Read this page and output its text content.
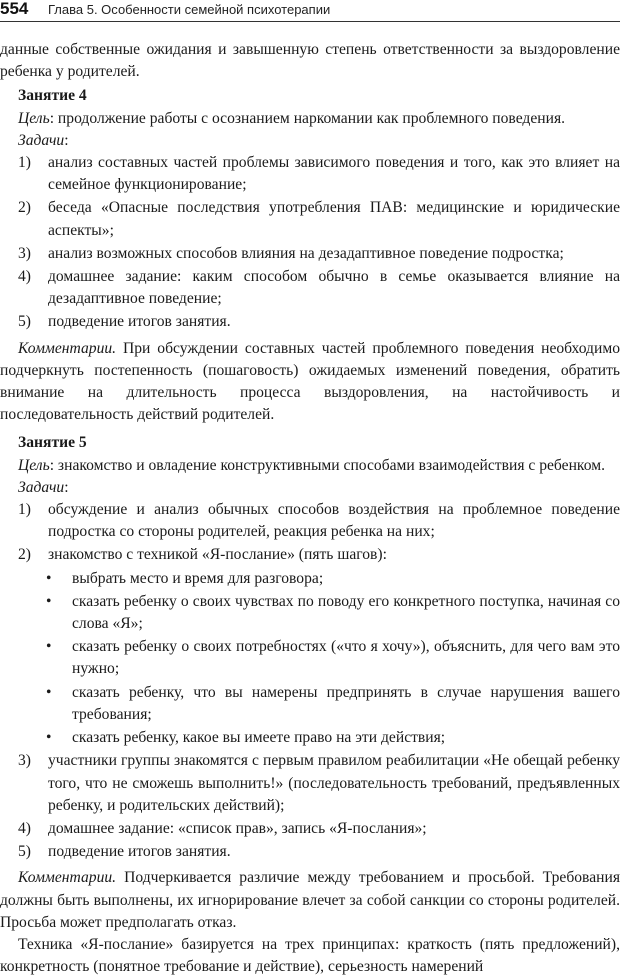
554 Глава 5. Особенности семейной психотерапии

данные собственные ожидания и завышенную степень ответственности за выздоровление ребенка у родителей.

Занятие 4

Цель: продолжение работы с осознанием наркомании как проблемного поведения.

Задачи:

1) анализ составных частей проблемы зависимого поведения и того, как это влияет на семейное функционирование;

2) беседа «Опасные последствия употребления ПАВ: медицинские и юридические аспекты»;

3) анализ возможных способов влияния на дезадаптивное поведение подростка;

4) домашнее задание: каким способом обычно в семье оказывается влияние на дезадаптивное поведение;

5) подведение итогов занятия.

Комментарии. При обсуждении составных частей проблемного поведения необходимо подчеркнуть постепенность (пошаговость) ожидаемых изменений поведения, обратить внимание на длительность процесса выздоровления, на настойчивость и последовательность действий родителей.

Занятие 5

Цель: знакомство и овладение конструктивными способами взаимодействия с ребенком.

Задачи:

1) обсуждение и анализ обычных способов воздействия на проблемное поведение подростка со стороны родителей, реакция ребенка на них;

2) знакомство с техникой «Я-послание» (пять шагов):

• выбрать место и время для разговора;

• сказать ребенку о своих чувствах по поводу его конкретного поступка, начиная со слова «Я»;

• сказать ребенку о своих потребностях («что я хочу»), объяснить, для чего вам это нужно;

• сказать ребенку, что вы намерены предпринять в случае нарушения вашего требования;

• сказать ребенку, какое вы имеете право на эти действия;

3) участники группы знакомятся с первым правилом реабилитации «Не обещай ребенку того, что не сможешь выполнить!» (последовательность требований, предъявленных ребенку, и родительских действий);

4) домашнее задание: «список прав», запись «Я-послания»;

5) подведение итогов занятия.

Комментарии. Подчеркивается различие между требованием и просьбой. Требования должны быть выполнены, их игнорирование влечет за собой санкции со стороны родителей. Просьба может предполагать отказ.

Техника «Я-послание» базируется на трех принципах: краткость (пять предложений), конкретность (понятное требование и действие), серьезность намерений
